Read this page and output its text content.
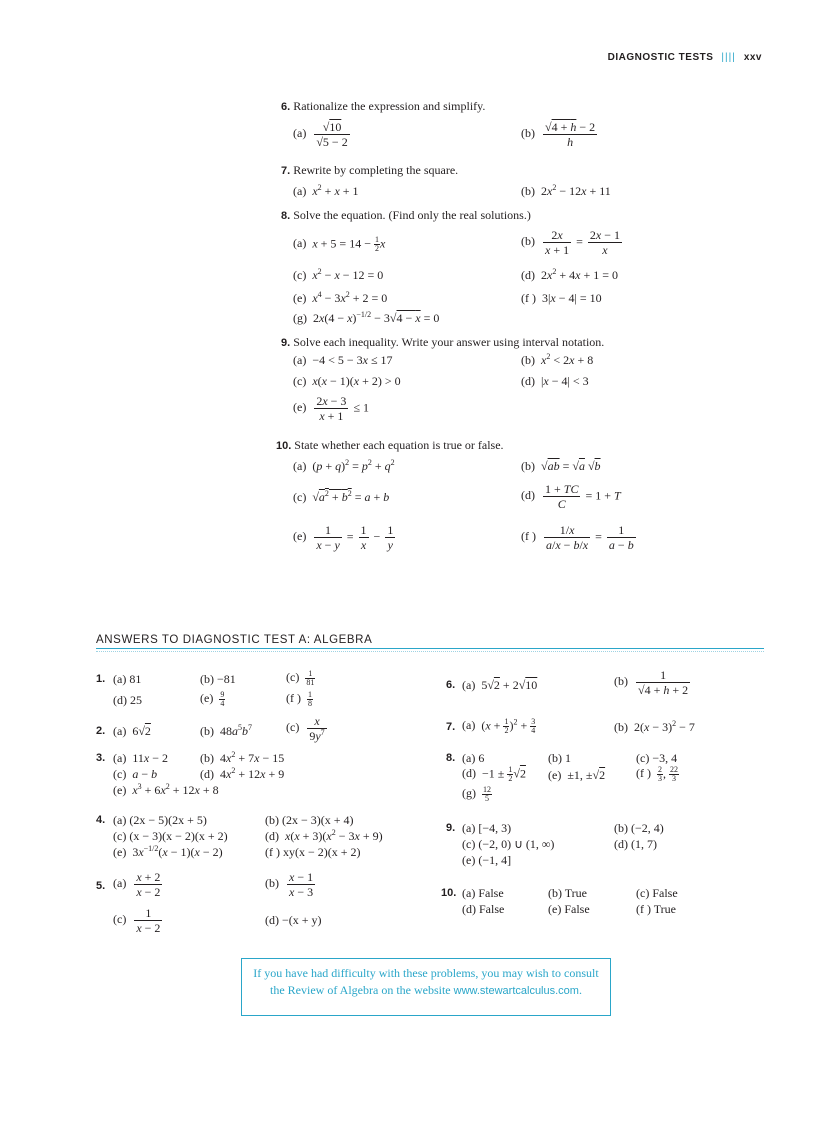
DIAGNOSTIC TESTS |||| xxv
6. Rationalize the expression and simplify.
$(a) \frac{√10}{√5 - 2}$	$(b) \frac{√4 + h - 2}{h}$
7. Rewrite by completing the square.
(a) $x^2 + x + 1$	(b) $2x^2 - 12x + 11$
8. Solve the equation. (Find only the real solutions.)
(a) $x + 5 = 14 - \frac{1}{2}$ x	$(b) \frac{2x}{x + 1} = \frac{2x - 1}{x}$
(c) $x^2 - x - 12 = 0$	(d) $2x^2 + 4x + 1 = 0$
(e) $x^4 - 3x^2 + 2 = 0$	(f ) 3|x − 4| = 10
(g) $2x(4 - x)^{-1/2} - 3√4 - x = 0$
9. Solve each inequality. Write your answer using interval notation.
(a) −4 < 5 − 3x ≤ 17	(b) $x^2 < 2x + 8$
(c) x(x − 1)(x + 2) > 0	(d) |x − 4| < 3
$(e) \frac{2x - 3}{x + 1} \le 1$
10. State whether each equation is true or false.
(a) $(p + q)^2 = p^2 + q^2$	(b) √ab = √a √b
(c) $√a^2 + b^2 = a + b$	$(d) \frac{1 + TC}{C} = 1 + T$
$(e) \frac{1}{x - y} = \frac{1}{x} - \frac{1}{y}$	(f ) $\frac{1/x}{a/x - b/x} = \frac{1}{a - b}$
ANSWERS TO DIAGNOSTIC TEST A: ALGEBRA
1. (a) 81	(b) −81	$(c) \frac{1}{81}$
(d) 25	$(e) \frac{9}{4}$	(f ) $\frac{1}{8}$
2. (a) 6√2	(b) $48a^5b^7$	$(c) \frac{x}{9y^7}$
3. (a) 11x − 2	(b) $4x^2 + 7x - 15$
(c) a − b	(d) $4x^2 + 12x + 9$
(e) $x^3 + 6x^2 + 12x + 8$
4. (a) (2x − 5)(2x + 5)	(b) (2x − 3)(x + 4)
(c) (x − 3)(x − 2)(x + 2)	(d) $x(x + 3)(x^2 - 3x + 9)$
(e) $3x^{-1/2}(x - 1)(x - 2)$	(f ) xy(x − 2)(x + 2)
5. $(a) \frac{x + 2}{x - 2}$	$(b) \frac{x - 1}{x - 3}$
$(c) \frac{1}{x - 2}$	(d) −(x + y)
6. (a) 5√2 + 2√10	$(b) \frac{1}{√4 + h + 2}$
7. (a) $(x + \frac{1}{2} )^2 + \frac{3}{4}$	(b) $2(x - 3)^2 - 7$
8. (a) 6	(b) 1	(c) −3, 4
$(d) -1 \pm \frac{1}{2} √2$ (e) ±1, ±√2	(f ) $\frac{2}{3}$ , $\frac{22}{3}$
$(g) \frac{12}{5}$
9. (a) [−4, 3)	(b) (−2, 4)
(c) (−2, 0) ∪ (1, ∞)	(d) (1, 7)
(e) (−1, 4]
10. (a) False	(b) True	(c) False
(d) False	(e) False	(f ) True
If you have had difficulty with these problems, you may wish to consult
the Review of Algebra on the website www.stewartcalculus.com.
